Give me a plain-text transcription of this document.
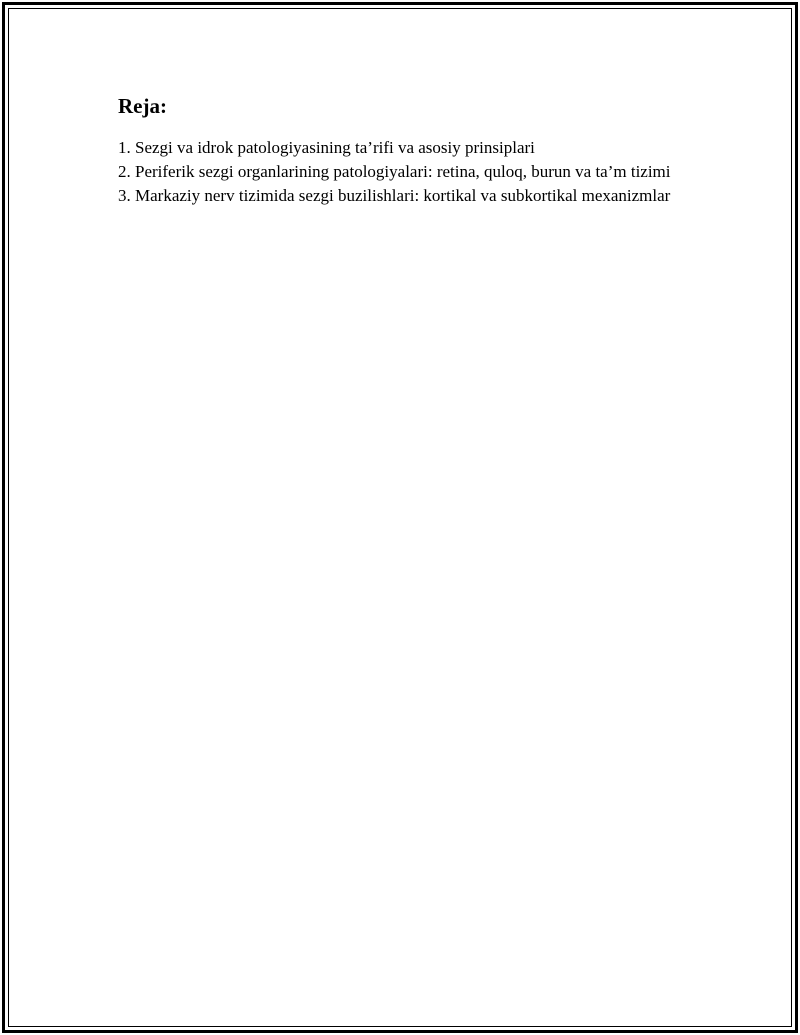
Reja:
1. Sezgi va idrok patologiyasining ta’rifi va asosiy prinsiplari
2. Periferik sezgi organlarining patologiyalari: retina, quloq, burun va ta’m tizimi
3. Markaziy nerv tizimida sezgi buzilishlari: kortikal va subkortikal mexanizmlar
